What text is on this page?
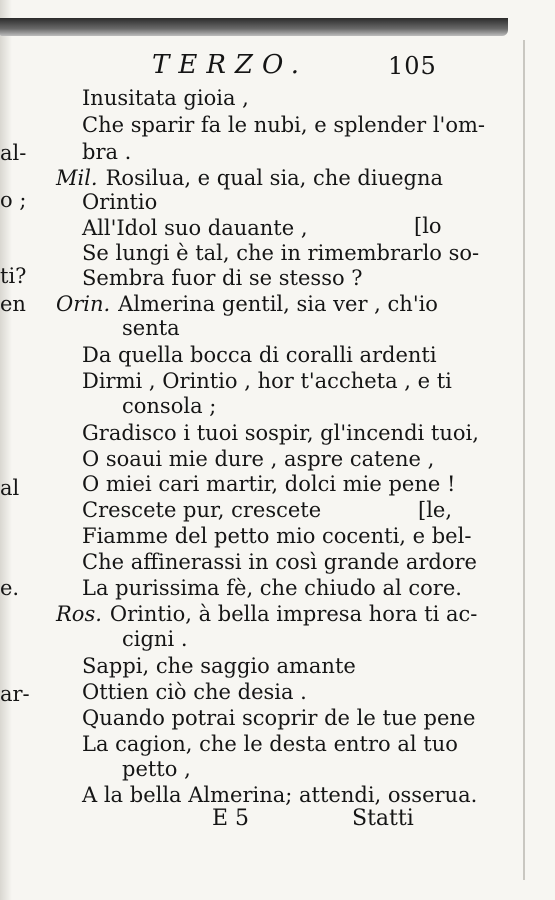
al-
o ;
ti?
en
al
e.
ar-
TERZO.	105
Inusitata gioia ,
Che sparir fa le nubi, e splender l'om-
bra .
Mil. Rosilua, e qual sia, che diuegna
Orintio
All'Idol suo dauante ,
Se lungi è tal, che in rimembrarlo so-
Sembra fuor di se stesso ?
Orin. Almerina gentil, sia ver , ch'io
senta
Da quella bocca di coralli ardenti
Dirmi , Orintio , hor t'accheta , e ti
consola ;
Gradisco i tuoi sospir, gl'incendi tuoi,
O soaui mie dure , aspre catene ,
O miei cari martir, dolci mie pene !
Crescete pur, crescete
Fiamme del petto mio cocenti, e bel-
Che affinerassi in così grande ardore
La purissima fè, che chiudo al core.
Ros. Orintio, à bella impresa hora ti ac-
cigni .
Sappi, che saggio amante
Ottien ciò che desia .
Quando potrai scoprir de le tue pene
La cagion, che le desta entro al tuo
petto ,
A la bella Almerina; attendi, osserua.
[lo
[le,
E 5	Statti
